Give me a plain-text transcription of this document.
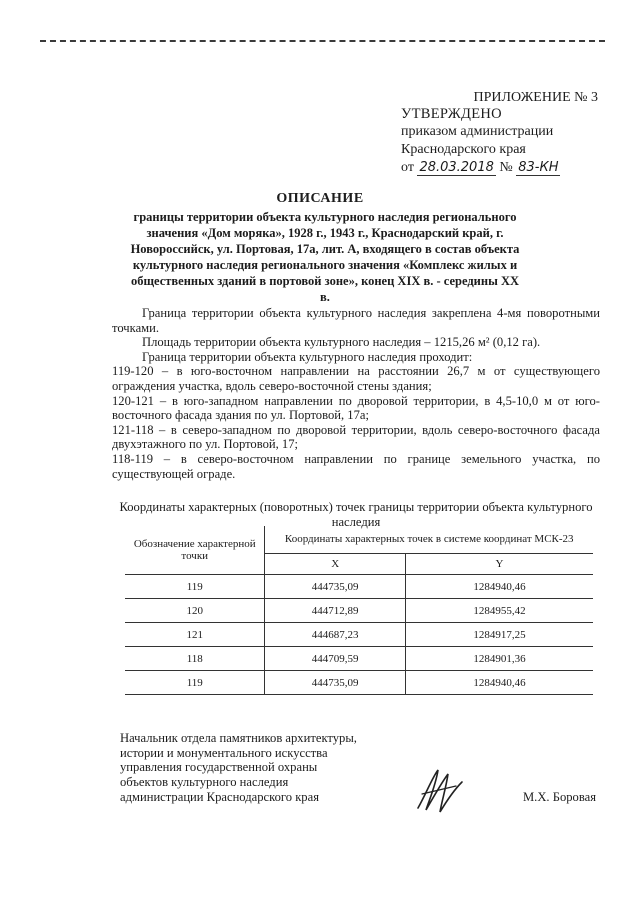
ПРИЛОЖЕНИЕ № 3
УТВЕРЖДЕНО
приказом администрации
Краснодарского края
от 28.03.2018 № 83-КН
ОПИСАНИЕ
границы территории объекта культурного наследия регионального значения «Дом моряка», 1928 г., 1943 г., Краснодарский край, г. Новороссийск, ул. Портовая, 17а, лит. А, входящего в состав объекта культурного наследия регионального значения «Комплекс жилых и общественных зданий в портовой зоне», конец XIX в. - середины XX в.

Граница территории объекта культурного наследия закреплена 4-мя поворотными точками.

Площадь территории объекта культурного наследия – 1215,26 м² (0,12 га).

Граница территории объекта культурного наследия проходит:

119-120 – в юго-восточном направлении на расстоянии 26,7 м от существующего ограждения участка, вдоль северо-восточной стены здания;

120-121 – в юго-западном направлении по дворовой территории, в 4,5-10,0 м от юго-восточного фасада здания по ул. Портовой, 17а;

121-118 – в северо-западном по дворовой территории, вдоль северо-восточного фасада двухэтажного по ул. Портовой, 17;

118-119 – в северо-восточном направлении по границе земельного участка, по существующей ограде.

Координаты характерных (поворотных) точек границы территории объекта культурного наследия
Обозначение характерной точки	Координаты характерных точек в системе координат МСК-23	
	X	Y
119	444735,09	1284940,46
120	444712,89	1284955,42
121	444687,23	1284917,25
118	444709,59	1284901,36
119	444735,09	1284940,46
Начальник отдела памятников архитектуры,
истории и монументального искусства
управления государственной охраны
объектов культурного наследия
администрации Краснодарского края	М.Х. Боровая
